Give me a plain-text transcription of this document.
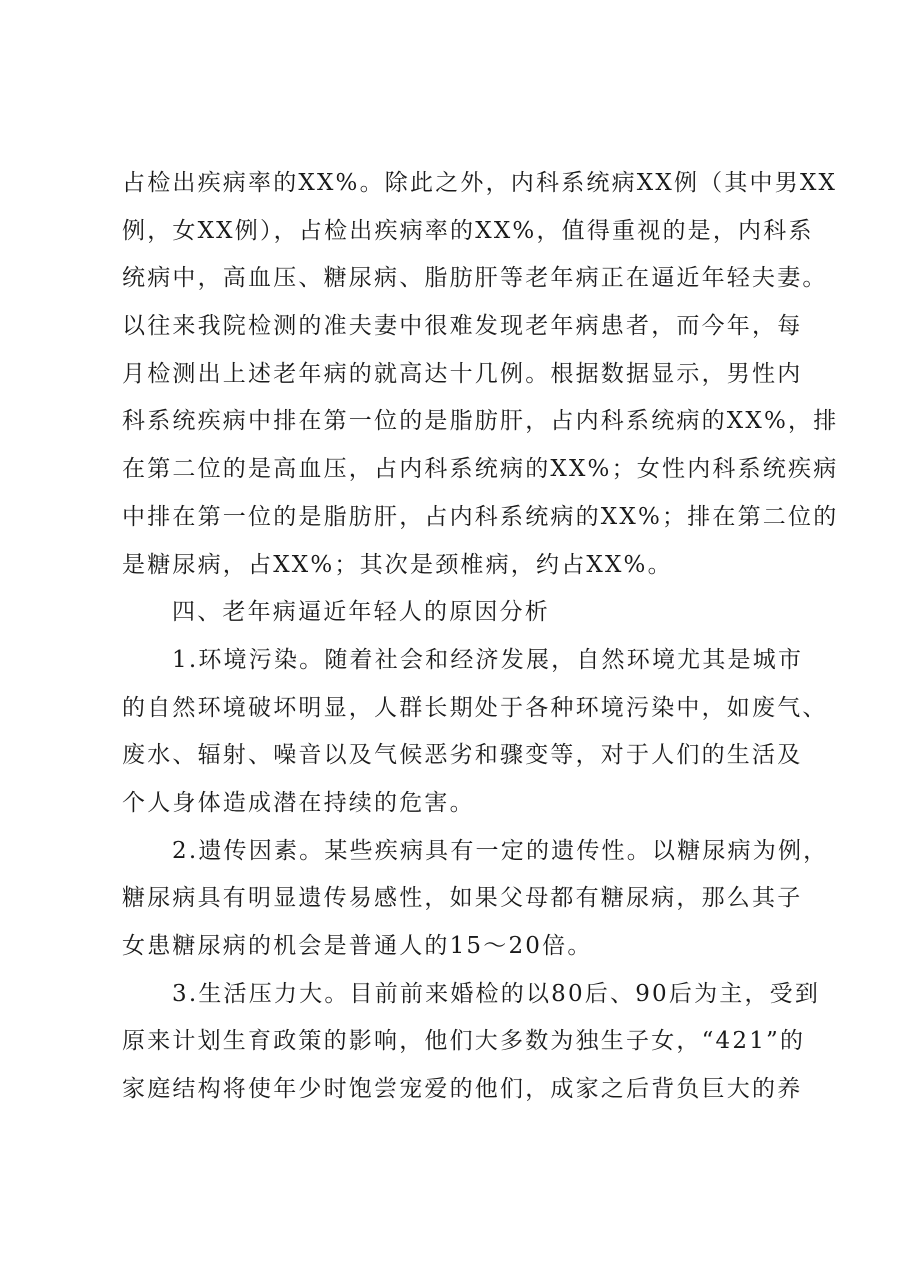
占检出疾病率的XX%。除此之外，内科系统病XX例（其中男XX
例，女XX例），占检出疾病率的XX%，值得重视的是，内科系
统病中，高血压、糖尿病、脂肪肝等老年病正在逼近年轻夫妻。
以往来我院检测的准夫妻中很难发现老年病患者，而今年，每
月检测出上述老年病的就高达十几例。根据数据显示，男性内
科系统疾病中排在第一位的是脂肪肝，占内科系统病的XX%，排
在第二位的是高血压，占内科系统病的XX%；女性内科系统疾病
中排在第一位的是脂肪肝，占内科系统病的XX%；排在第二位的
是糖尿病，占XX%；其次是颈椎病，约占XX%。
四、老年病逼近年轻人的原因分析
1.环境污染。随着社会和经济发展，自然环境尤其是城市
的自然环境破坏明显，人群长期处于各种环境污染中，如废气、
废水、辐射、噪音以及气候恶劣和骤变等，对于人们的生活及
个人身体造成潜在持续的危害。
2.遗传因素。某些疾病具有一定的遗传性。以糖尿病为例，
糖尿病具有明显遗传易感性，如果父母都有糖尿病，那么其子
女患糖尿病的机会是普通人的15～20倍。
3.生活压力大。目前前来婚检的以80后、90后为主，受到
原来计划生育政策的影响，他们大多数为独生子女，“421”的
家庭结构将使年少时饱尝宠爱的他们，成家之后背负巨大的养
